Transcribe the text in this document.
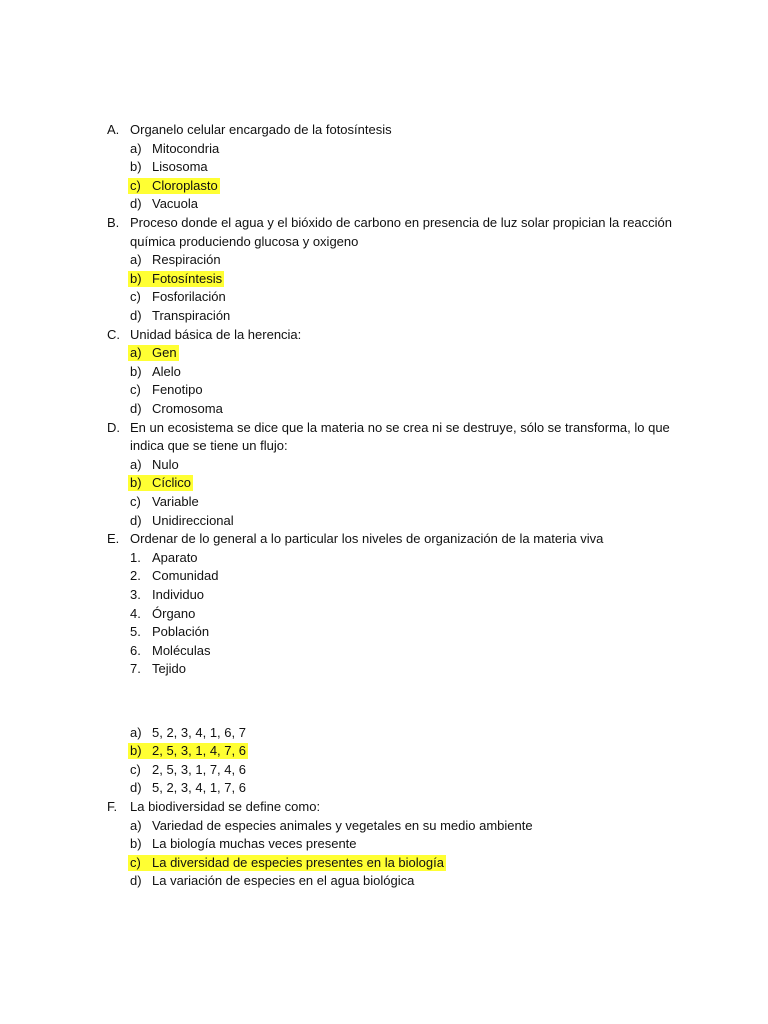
A. Organelo celular encargado de la fotosíntesis
a) Mitocondria
b) Lisosoma
c) Cloroplasto
d) Vacuola
B. Proceso donde el agua y el bióxido de carbono en presencia de luz solar propician la reacción
química produciendo glucosa y oxigeno
a) Respiración
b) Fotosíntesis
c) Fosforilación
d) Transpiración
C. Unidad básica de la herencia:
a) Gen
b) Alelo
c) Fenotipo
d) Cromosoma
D. En un ecosistema se dice que la materia no se crea ni se destruye, sólo se transforma, lo que
indica que se tiene un flujo:
a) Nulo
b) Cíclico
c) Variable
d) Unidireccional
E. Ordenar de lo general a lo particular los niveles de organización de la materia viva
1. Aparato
2. Comunidad
3. Individuo
4. Órgano
5. Población
6. Moléculas
7. Tejido
a) 5, 2, 3, 4, 1, 6, 7
b) 2, 5, 3, 1, 4, 7, 6
c) 2, 5, 3, 1, 7, 4, 6
d) 5, 2, 3, 4, 1, 7, 6
F. La biodiversidad se define como:
a) Variedad de especies animales y vegetales en su medio ambiente
b) La biología muchas veces presente
c) La diversidad de especies presentes en la biología
d) La variación de especies en el agua biológica
